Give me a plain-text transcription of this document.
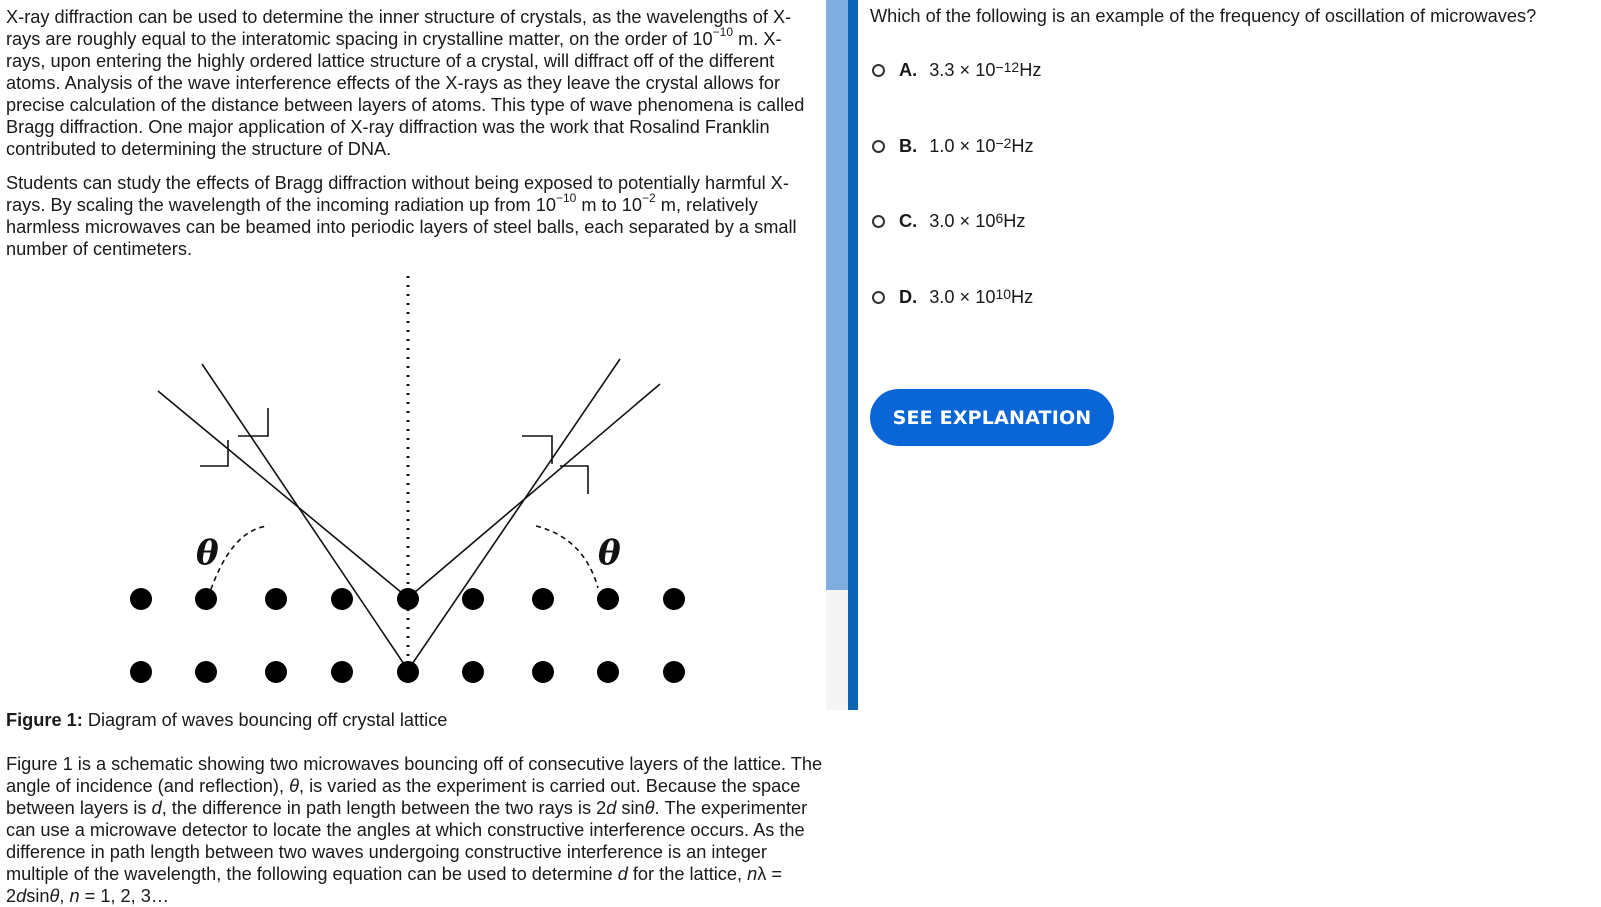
X-ray diffraction can be used to determine the inner structure of crystals, as the wavelengths of X-rays are roughly equal to the interatomic spacing in crystalline matter, on the order of $10^{-10}$ m. X-rays, upon entering the highly ordered lattice structure of a crystal, will diffract off of the different atoms. Analysis of the wave interference effects of the X-rays as they leave the crystal allows for precise calculation of the distance between layers of atoms. This type of wave phenomena is called Bragg diffraction. One major application of X-ray diffraction was the work that Rosalind Franklin contributed to determining the structure of DNA.

Students can study the effects of Bragg diffraction without being exposed to potentially harmful X-rays. By scaling the wavelength of the incoming radiation up from $10^{-10}$ m to $10^{-2}$ m, relatively harmless microwaves can be beamed into periodic layers of steel balls, each separated by a small number of centimeters.

θ	θ
Figure 1: Diagram of waves bouncing off crystal lattice

Figure 1 is a schematic showing two microwaves bouncing off of consecutive layers of the lattice. The angle of incidence (and reflection), θ, is varied as the experiment is carried out. Because the space between layers is d, the difference in path length between the two rays is 2d sinθ. The experimenter can use a microwave detector to locate the angles at which constructive interference occurs. As the difference in path length between two waves undergoing constructive interference is an integer multiple of the wavelength, the following equation can be used to determine d for the lattice, nλ = 2dsinθ, n = 1, 2, 3…

Which of the following is an example of the frequency of oscillation of microwaves?
A. $3.3 \times 10^{-12}$ Hz
B. $1.0 \times 10^{-2}$ Hz
C. $3.0 \times 10^6$ Hz
D. $3.0 \times 10^{10}$ Hz
SEE EXPLANATION
